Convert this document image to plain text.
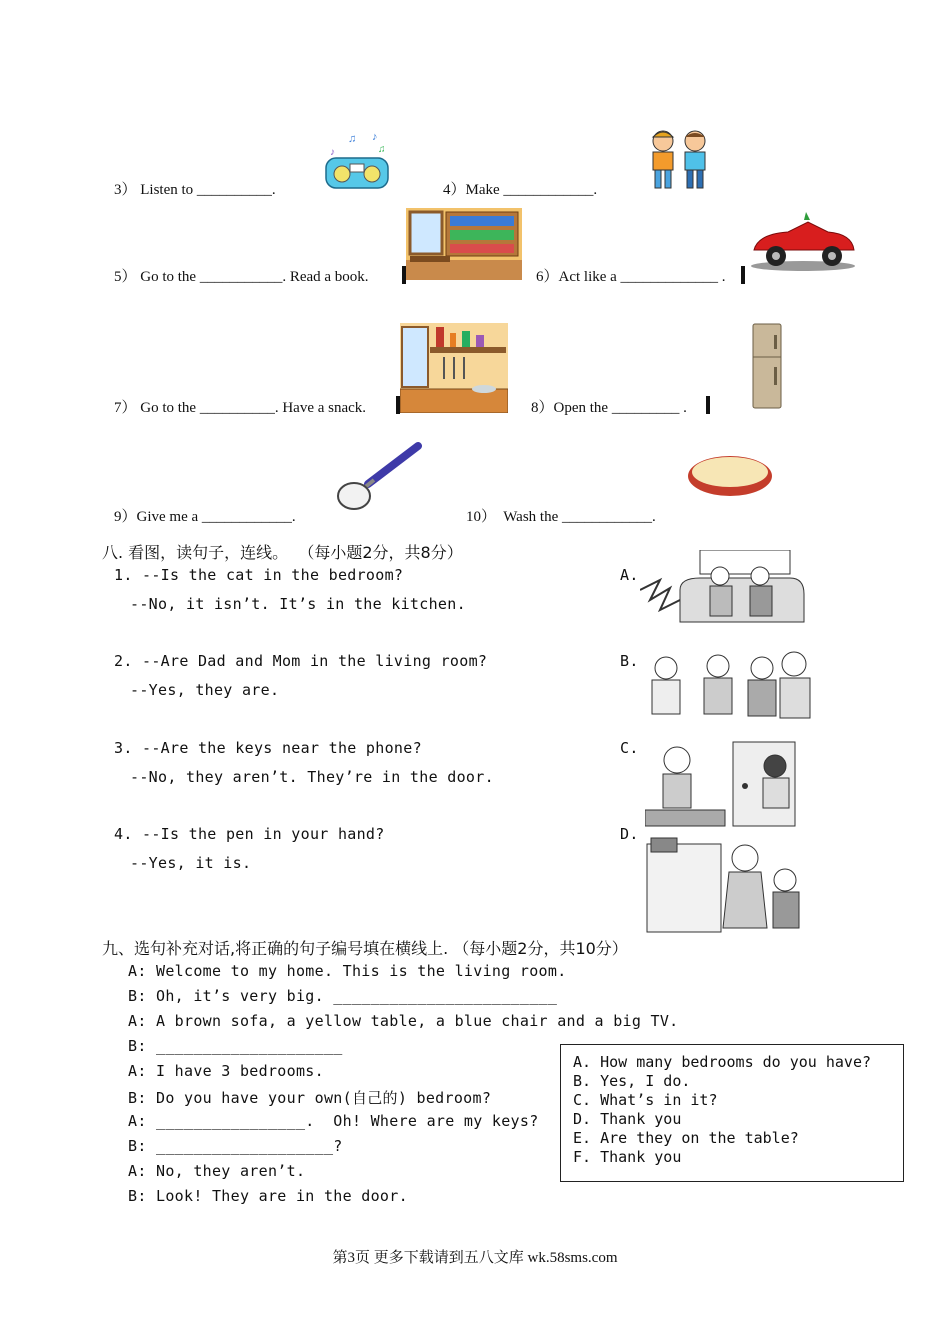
3） Listen to __________.
♪
♫ ♪
♫
4）Make ____________.
5） Go to the ___________. Read a book.	6）Act like a _____________ .
7） Go to the __________. Have a snack.	8）Open the _________ .
9）Give me a ____________.	10）  Wash the ____________.
八. 看图，读句子，连线。  （每小题2分，共8分）
1. --Is the cat in the bedroom?
--No, it isn’t. It’s in the kitchen.
A.
2. --Are Dad and Mom in the living room?
--Yes, they are.
B.
3. --Are the keys near the phone?
--No, they aren’t. They’re in the door.
C.
4. --Is the pen in your hand?
--Yes, it is.
D.
九、选句补充对话,将正确的句子编号填在横线上. （每小题2分，共10分）
A: Welcome to my home. This is the living room.
B: Oh, it’s very big. ________________________
A: A brown sofa, a yellow table, a blue chair and a big TV.
B: ____________________
A: I have 3 bedrooms.
B: Do you have your own(自己的) bedroom?
A: ________________.  Oh! Where are my keys?
B: ___________________?
A: No, they aren’t.
B: Look! They are in the door.
A. How many bedrooms do you have?
B. Yes, I do.
C. What’s in it?
D. Thank you
E. Are they on the table?
F. Thank you
第3页 更多下载请到五八文库 wk.58sms.com
